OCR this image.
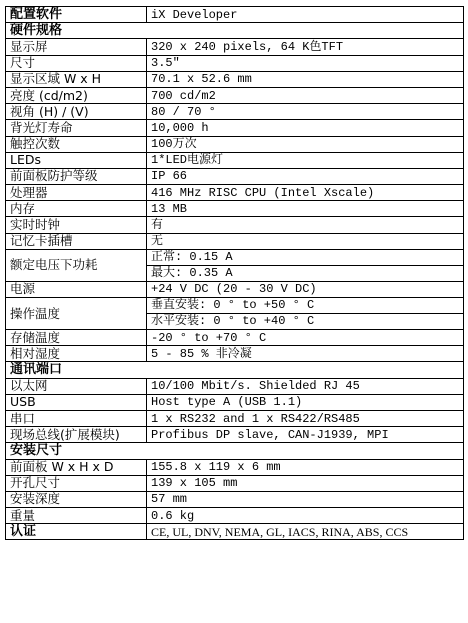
配置软件	iX Developer
硬件规格	
显示屏	320 x 240 pixels, 64 K色TFT
尺寸	3.5″
显示区域 W x H	70.1 x 52.6 mm
亮度 (cd/m2)	700 cd/m2
视角 (H) / (V)	80 / 70 °
背光灯寿命	10,000 h
触控次数	100万次
LEDs	1*LED电源灯
前面板防护等级	IP 66
处理器	416 MHz RISC CPU (Intel Xscale)
内存	13 MB
实时时钟	有
记忆卡插槽	无
额定电压下功耗	正常: 0.15 A
最大: 0.35 A

电源	+24 V DC (20 - 30 V DC)
操作温度	垂直安装: 0 ° to +50 ° C
水平安装: 0 ° to +40 ° C

存储温度	-20 ° to +70 ° C
相对湿度	5 - 85 % 非冷凝
通讯端口	
以太网	10/100 Mbit/s. Shielded RJ 45
USB	Host type A (USB 1.1)
串口	1 x RS232 and 1 x RS422/RS485
现场总线(扩展模块)	Profibus DP slave, CAN-J1939, MPI
安装尺寸	
前面板 W x H x D	155.8 x 119 x 6 mm
开孔尺寸	139 x 105 mm
安装深度	57 mm
重量	0.6 kg
认证	CE, UL, DNV, NEMA, GL, IACS, RINA, ABS, CCS
